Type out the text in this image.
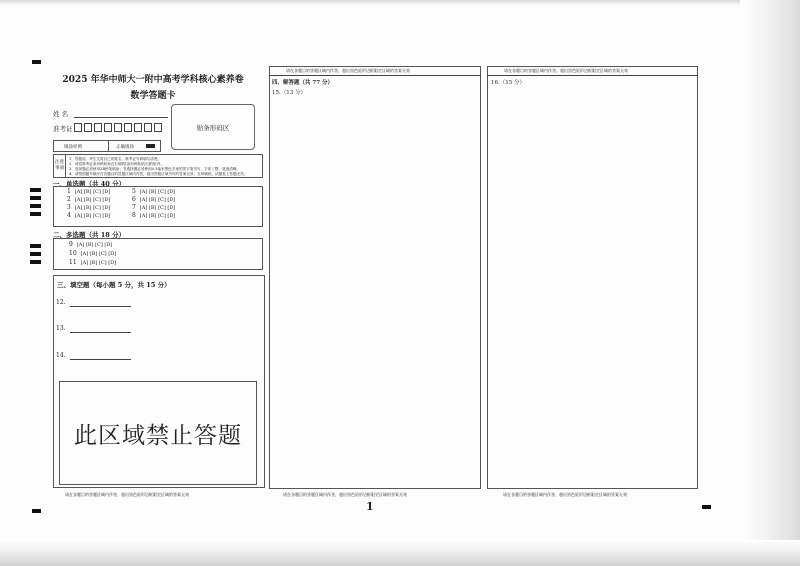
2025 年华中师大一附中高考学科核心素养卷
数学答题卡
姓 名
准考证	贴条形码区
填涂样例	正确填涂
注意事项
1、答题前，考生先将自己的姓名、准考证号码填写清楚。
2、请将准考证条形码粘贴在右侧的[条形码粘贴区]的框内。
3、选择题必须使用2B铅笔填涂；非选择题必须使用0.5毫米黑色字迹的签字笔书写，字体工整、笔迹清晰。
4、请按照题号顺序在各题目的答题区域内作答，超出答题区域书写的答案无效；在草稿纸、试题卷上答题无效。
一、单选题（共 40 分）
1 [A] [B] [C] [D]
2 [A] [B] [C] [D]
3 [A] [B] [C] [D]
4 [A] [B] [C] [D]
5 [A] [B] [C] [D]
6 [A] [B] [C] [D]
7 [A] [B] [C] [D]
8 [A] [B] [C] [D]
二、多选题（共 18 分）
9 [A] [B] [C] [D]
10 [A] [B] [C] [D]
11 [A] [B] [C] [D]
三、填空题（每小题 5 分，共 15 分）
12.
13.
14.
此区域禁止答题
请在各题目的答题区域内作答，超出黑色矩形边框限定区域的答案无效
请在各题目的答题区域内作答，超出黑色矩形边框限定区域的答案无效
四、解答题（共 77 分）
15.（13 分）
请在各题目的答题区域内作答，超出黑色矩形边框限定区域的答案无效
请在各题目的答题区域内作答，超出黑色矩形边框限定区域的答案无效
16.（15 分）
请在各题目的答题区域内作答，超出黑色矩形边框限定区域的答案无效
1
